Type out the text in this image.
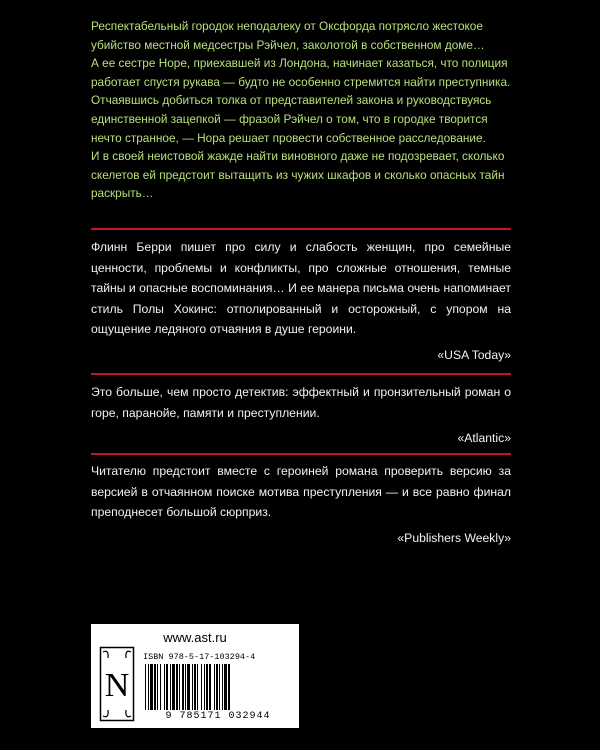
Респектабельный городок неподалеку от Оксфорда потрясло жестокое убийство местной медсестры Рэйчел, заколотой в собственном доме…

А ее сестре Норе, приехавшей из Лондона, начинает казаться, что полиция работает спустя рукава — будто не особенно стремится найти преступника.

Отчаявшись добиться толка от представителей закона и руководствуясь единственной зацепкой — фразой Рэйчел о том, что в городке творится нечто странное, — Нора решает провести собственное расследование.

И в своей неистовой жажде найти виновного даже не подозревает, сколько скелетов ей предстоит вытащить из чужих шкафов и сколько опасных тайн раскрыть…

Флинн Берри пишет про силу и слабость женщин, про семейные ценности, проблемы и конфликты, про сложные отношения, темные тайны и опасные воспоминания… И ее манера письма очень напоминает стиль Полы Хокинс: отполированный и осторожный, с упором на ощущение ледяного отчаяния в душе героини.

«USA Today»

Это больше, чем просто детектив: эффектный и пронзительный роман о горе, паранойе, памяти и преступлении.

«Atlantic»

Читателю предстоит вместе с героиней романа проверить версию за версией в отчаянном поиске мотива преступления — и все равно финал преподнесет большой сюрприз.

«Publishers Weekly»
www.ast.ru
ISBN 978-5-17-103294-4
N
9 785171 032944
